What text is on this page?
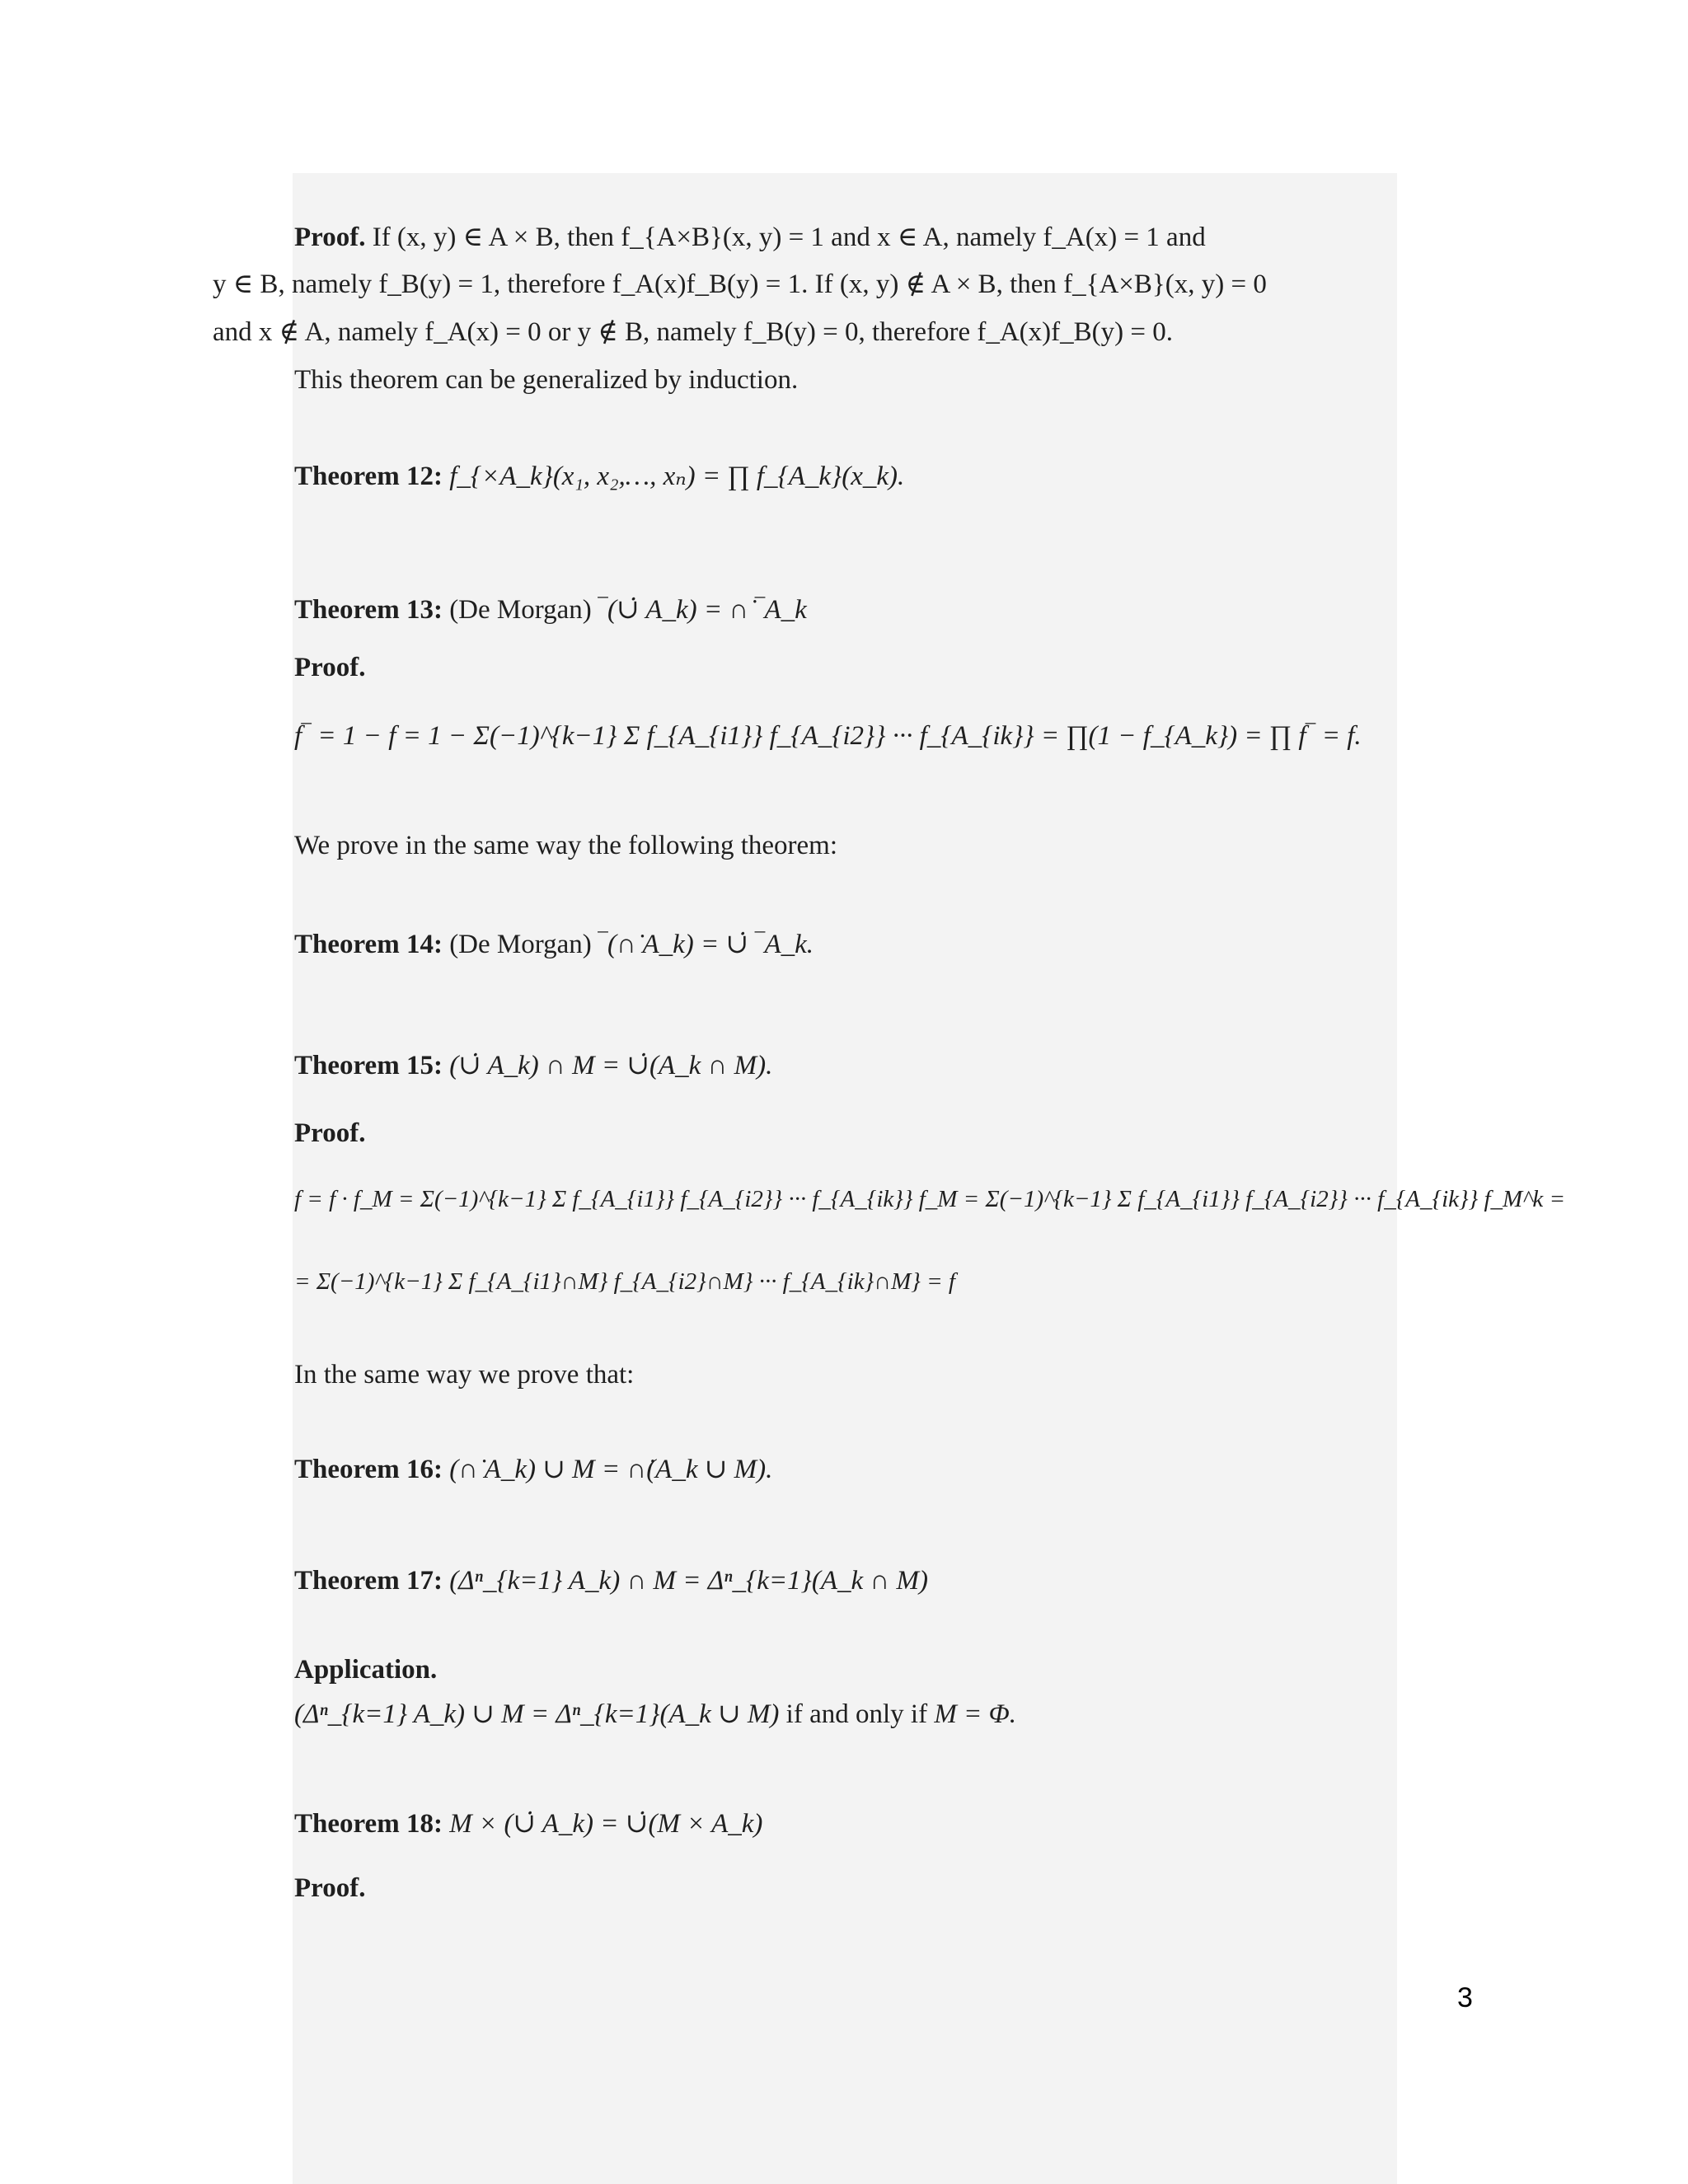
Proof. If (x, y) ∈ A × B, then f_{A×B}(x, y) = 1 and x ∈ A, namely f_A(x) = 1 and
y ∈ B, namely f_B(y) = 1, therefore f_A(x)f_B(y) = 1. If (x, y) ∉ A × B, then f_{A×B}(x, y) = 0
and x ∉ A, namely f_A(x) = 0 or y ∉ B, namely f_B(y) = 0, therefore f_A(x)f_B(y) = 0.
This theorem can be generalized by induction.
Theorem 12: f_{×A_k}(x₁, x₂,…, xₙ) = ∏ f_{A_k}(x_k).
Theorem 13: (De Morgan) ‾(∪̇ A_k) = ∩̇ ‾A_k
Proof.
f‾ = 1 − f = 1 − Σ(−1)^{k−1} Σ f_{A_{i1}} f_{A_{i2}} ··· f_{A_{ik}} = ∏(1 − f_{A_k}) = ∏ f‾ = f.
We prove in the same way the following theorem:
Theorem 14: (De Morgan) ‾(∩̇ A_k) = ∪̇ ‾A_k.
Theorem 15: (∪̇ A_k) ∩ M = ∪̇(A_k ∩ M).
Proof.
f = f · f_M = Σ(−1)^{k−1} Σ f_{A_{i1}} f_{A_{i2}} ··· f_{A_{ik}} f_M = Σ(−1)^{k−1} Σ f_{A_{i1}} f_{A_{i2}} ··· f_{A_{ik}} f_M^k =
= Σ(−1)^{k−1} Σ f_{A_{i1}∩M} f_{A_{i2}∩M} ··· f_{A_{ik}∩M} = f
In the same way we prove that:
Theorem 16: (∩̇ A_k) ∪ M = ∩̇(A_k ∪ M).
Theorem 17: (Δⁿ_{k=1} A_k) ∩ M = Δⁿ_{k=1}(A_k ∩ M)
Application.
(Δⁿ_{k=1} A_k) ∪ M = Δⁿ_{k=1}(A_k ∪ M) if and only if M = Φ.
Theorem 18: M × (∪̇ A_k) = ∪̇(M × A_k)
Proof.
3
